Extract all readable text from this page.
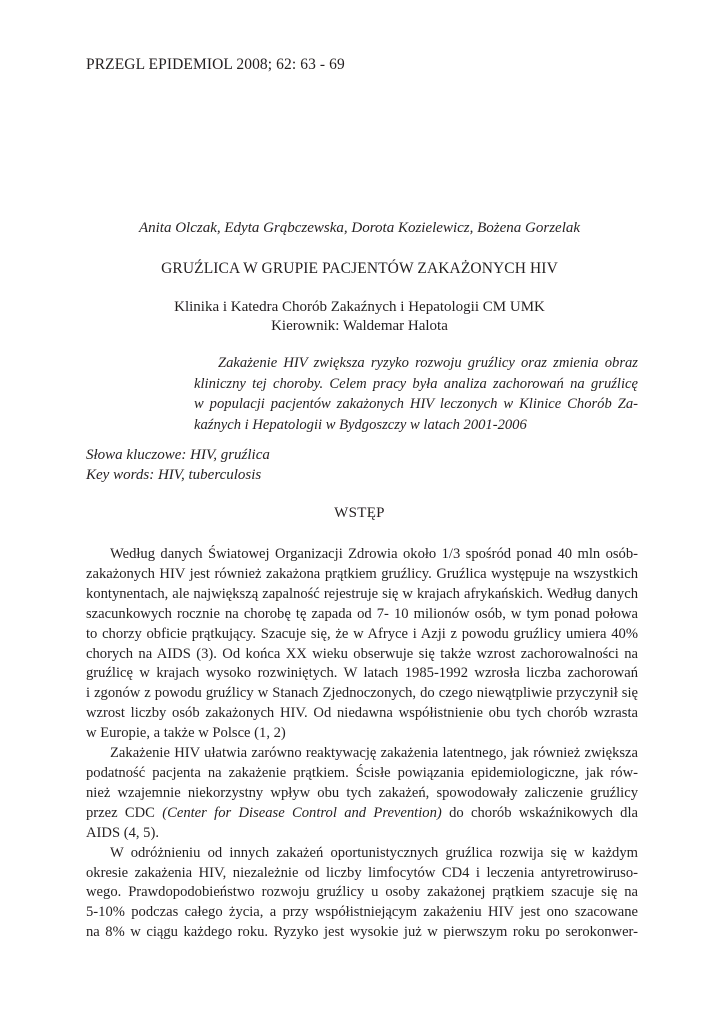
PRZEGL EPIDEMIOL 2008; 62: 63 - 69
Anita Olczak, Edyta Grąbczewska, Dorota Kozielewicz, Bożena Gorzelak
GRUŹLICA W GRUPIE PACJENTÓW ZAKAŻONYCH HIV
Klinika i Katedra Chorób Zakaźnych i Hepatologii CM UMK
Kierownik: Waldemar Halota
Zakażenie HIV zwiększa ryzyko rozwoju gruźlicy oraz zmienia obraz
kliniczny tej choroby. Celem pracy była analiza zachorowań na gruźlicę
w populacji pacjentów zakażonych HIV leczonych w Klinice Chorób Za-
kaźnych i Hepatologii w Bydgoszczy w latach 2001-2006
Słowa kluczowe: HIV, gruźlica
Key words: HIV, tuberculosis
WSTĘP
Według danych Światowej Organizacji Zdrowia około 1/3 spośród ponad 40 mln osób-
zakażonych HIV jest również zakażona prątkiem gruźlicy. Gruźlica występuje na wszystkich
kontynentach, ale największą zapalność rejestruje się w krajach afrykańskich. Według danych
szacunkowych rocznie na chorobę tę zapada od 7- 10 milionów osób, w tym ponad połowa
to chorzy obficie prątkujący. Szacuje się, że w Afryce i Azji z powodu gruźlicy umiera 40%
chorych na AIDS (3). Od końca XX wieku obserwuje się także wzrost zachorowalności na
gruźlicę w krajach wysoko rozwiniętych. W latach 1985-1992 wzrosła liczba zachorowań
i zgonów z powodu gruźlicy w Stanach Zjednoczonych, do czego niewątpliwie przyczynił się
wzrost liczby osób zakażonych HIV. Od niedawna współistnienie obu tych chorób wzrasta
w Europie, a także w Polsce (1, 2)
Zakażenie HIV ułatwia zarówno reaktywację zakażenia latentnego, jak również zwiększa
podatność pacjenta na zakażenie prątkiem. Ścisłe powiązania epidemiologiczne, jak rów-
nież wzajemnie niekorzystny wpływ obu tych zakażeń, spowodowały zaliczenie gruźlicy
przez CDC (Center for Disease Control and Prevention) do chorób wskaźnikowych dla
AIDS (4, 5).
W odróżnieniu od innych zakażeń oportunistycznych gruźlica rozwija się w każdym
okresie zakażenia HIV, niezależnie od liczby limfocytów CD4 i leczenia antyretrowiruso-
wego. Prawdopodobieństwo rozwoju gruźlicy u osoby zakażonej prątkiem szacuje się na
5-10% podczas całego życia, a przy współistniejącym zakażeniu HIV jest ono szacowane
na 8% w ciągu każdego roku. Ryzyko jest wysokie już w pierwszym roku po serokonwer-
